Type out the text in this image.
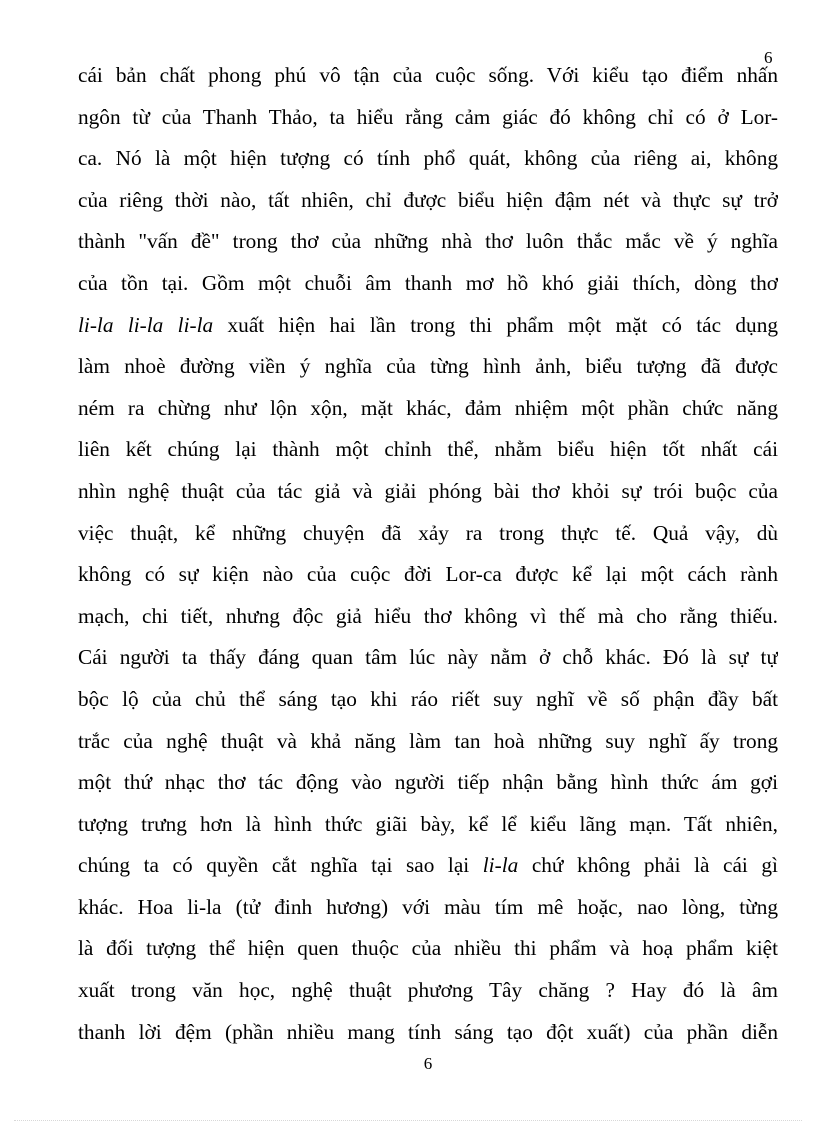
6
cái bản chất phong phú vô tận của cuộc sống. Với kiểu tạo điểm nhấn
ngôn từ của Thanh Thảo, ta hiểu rằng cảm giác đó không chỉ có ở Lor-
ca. Nó là một hiện tượng có tính phổ quát, không của riêng ai, không
của riêng thời nào, tất nhiên, chỉ được biểu hiện đậm nét và thực sự trở
thành "vấn đề" trong thơ của những nhà thơ luôn thắc mắc về ý nghĩa
của tồn tại. Gồm một chuỗi âm thanh mơ hồ khó giải thích, dòng thơ
li-la li-la li-la xuất hiện hai lần trong thi phẩm một mặt có tác dụng
làm nhoè đường viền ý nghĩa của từng hình ảnh, biểu tượng đã được
ném ra chừng như lộn xộn, mặt khác, đảm nhiệm một phần chức năng
liên kết chúng lại thành một chỉnh thể, nhằm biểu hiện tốt nhất cái
nhìn nghệ thuật của tác giả và giải phóng bài thơ khỏi sự trói buộc của
việc thuật, kể những chuyện đã xảy ra trong thực tế. Quả vậy, dù
không có sự kiện nào của cuộc đời Lor-ca được kể lại một cách rành
mạch, chi tiết, nhưng độc giả hiểu thơ không vì thế mà cho rằng thiếu.
Cái người ta thấy đáng quan tâm lúc này nằm ở chỗ khác. Đó là sự tự
bộc lộ của chủ thể sáng tạo khi ráo riết suy nghĩ về số phận đầy bất
trắc của nghệ thuật và khả năng làm tan hoà những suy nghĩ ấy trong
một thứ nhạc thơ tác động vào người tiếp nhận bằng hình thức ám gợi
tượng trưng hơn là hình thức giãi bày, kể lể kiểu lãng mạn. Tất nhiên,
chúng ta có quyền cắt nghĩa tại sao lại li-la chứ không phải là cái gì
khác. Hoa li-la (tử đinh hương) với màu tím mê hoặc, nao lòng, từng
là đối tượng thể hiện quen thuộc của nhiều thi phẩm và hoạ phẩm kiệt
xuất trong văn học, nghệ thuật phương Tây chăng ? Hay đó là âm
thanh lời đệm (phần nhiều mang tính sáng tạo đột xuất) của phần diễn
6
